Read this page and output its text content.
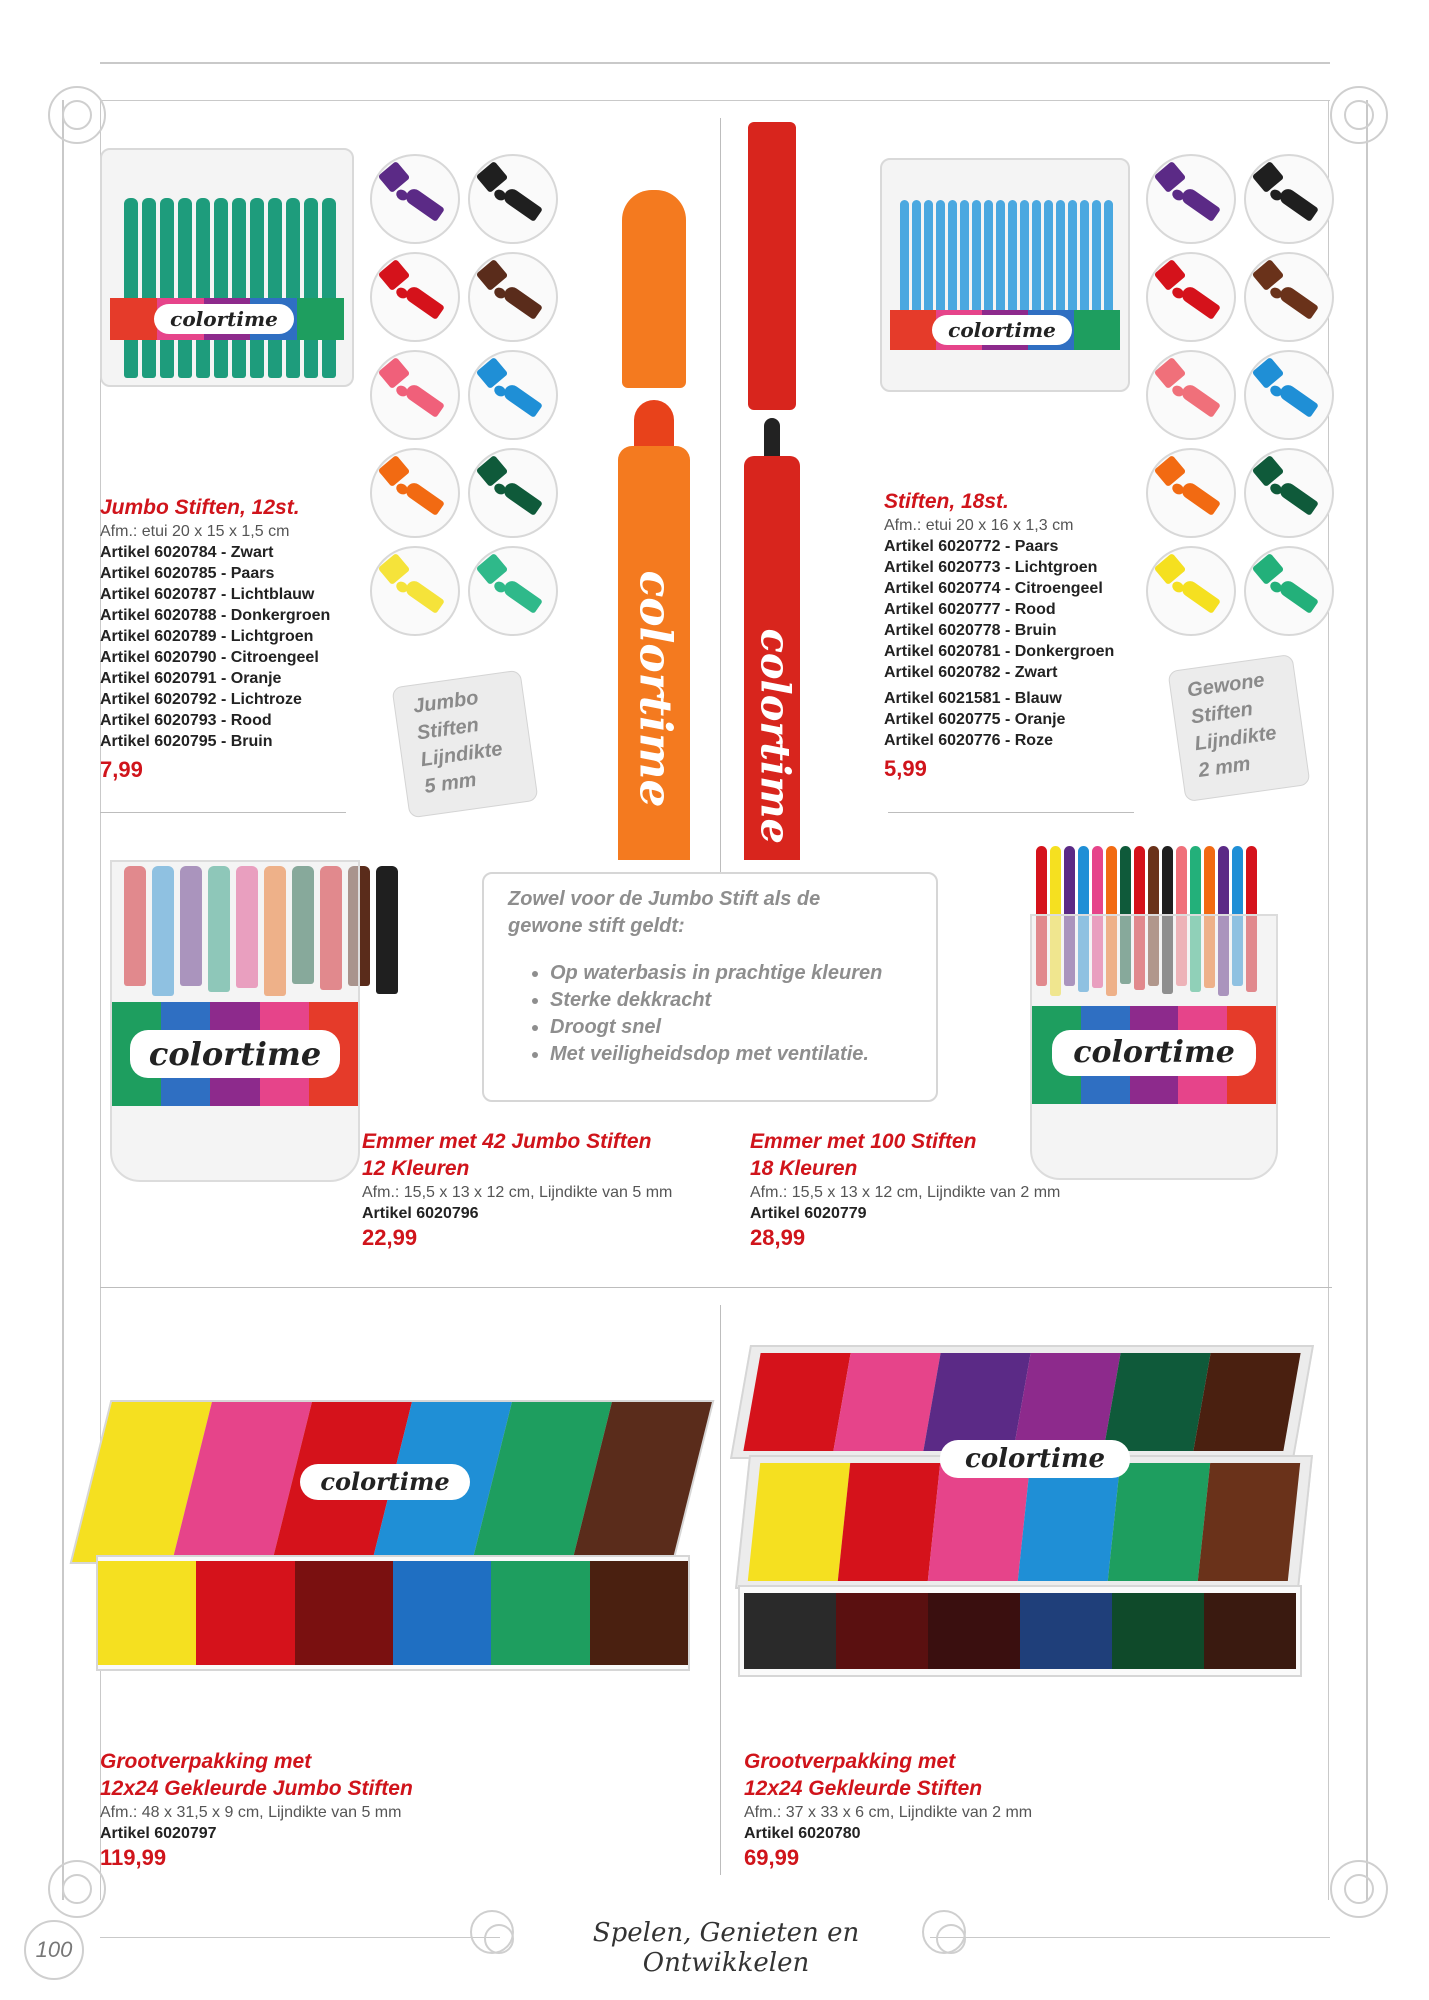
colortime
Jumbo Stiften, 12st.
Afm.: etui 20 x 15 x 1,5 cm
Artikel 6020784 - Zwart
Artikel 6020785 - Paars
Artikel 6020787 - Lichtblauw
Artikel 6020788 - Donkergroen
Artikel 6020789 - Lichtgroen
Artikel 6020790 - Citroengeel
Artikel 6020791 - Oranje
Artikel 6020792 - Lichtroze
Artikel 6020793 - Rood
Artikel 6020795 - Bruin
7,99
Jumbo
Stiften
Lijndikte
5 mm	colortime colortime
colortime
Stiften, 18st.
Afm.: etui 20 x 16 x 1,3 cm
Artikel 6020772 - Paars
Artikel 6020773 - Lichtgroen
Artikel 6020774 - Citroengeel
Artikel 6020777 - Rood
Artikel 6020778 - Bruin
Artikel 6020781 - Donkergroen
Artikel 6020782 - Zwart
Artikel 6021581 - Blauw
Artikel 6020775 - Oranje
Artikel 6020776 - Roze
5,99
Gewone
Stiften
Lijndikte
2 mm
colortime
Zowel voor de Jumbo Stift als de
gewone stift geldt:
• Op waterbasis in prachtige kleuren
• Sterke dekkracht
• Droogt snel
• Met veiligheidsdop met ventilatie.	colortime
Emmer met 42 Jumbo Stiften
12 Kleuren
Afm.: 15,5 x 13 x 12 cm, Lijndikte van 5 mm
Artikel 6020796
22,99
Emmer met 100 Stiften
18 Kleuren
Afm.: 15,5 x 13 x 12 cm, Lijndikte van 2 mm
Artikel 6020779
28,99
colortime
colortime
Grootverpakking met
12x24 Gekleurde Jumbo Stiften
Afm.: 48 x 31,5 x 9 cm, Lijndikte van 5 mm
Artikel 6020797
119,99
Grootverpakking met
12x24 Gekleurde Stiften
Afm.: 37 x 33 x 6 cm, Lijndikte van 2 mm
Artikel 6020780
69,99
100
Spelen, Genieten en Ontwikkelen
